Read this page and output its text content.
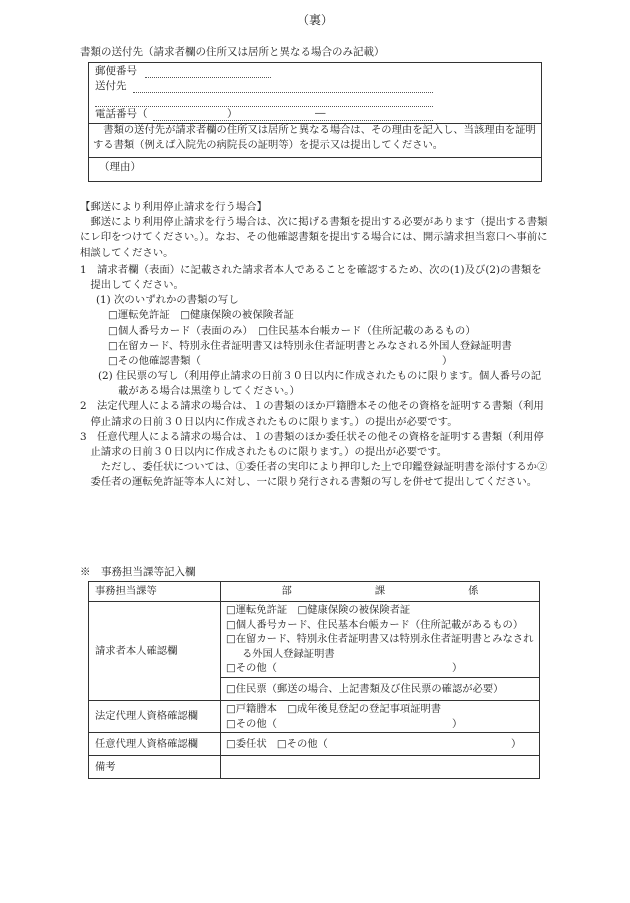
（裏）
書類の送付先（請求者欄の住所又は居所と異なる場合のみ記載）
郵便番号
送付先
電話番号（	）	―
書類の送付先が請求者欄の住所又は居所と異なる場合は、その理由を記入し、当該理由を証明する書類（例えば入院先の病院長の証明等）を提示又は提出してください。
（理由）

【郵送により利用停止請求を行う場合】

郵送により利用停止請求を行う場合は、次に掲げる書類を提出する必要があります（提出する書類にレ印をつけてください。）。なお、その他確認書類を提出する場合には、開示請求担当窓口へ事前に相談してください。

1　請求者欄（表面）に記載された請求者本人であることを確認するため、次の(1)及び(2)の書類を提出してください。

(1) 次のいずれかの書類の写し

□運転免許証　□健康保険の被保険者証

□個人番号カード（表面のみ）　□住民基本台帳カード（住所記載のあるもの）

□在留カード、特別永住者証明書又は特別永住者証明書とみなされる外国人登録証明書

□その他確認書類（	）

(2) 住民票の写し（利用停止請求の日前３０日以内に作成されたものに限ります。個人番号の記載がある場合は黒塗りしてください。）

2　法定代理人による請求の場合は、１の書類のほか戸籍謄本その他その資格を証明する書類（利用停止請求の日前３０日以内に作成されたものに限ります。）の提出が必要です。

3　任意代理人による請求の場合は、１の書類のほか委任状その他その資格を証明する書類（利用停止請求の日前３０日以内に作成されたものに限ります。）の提出が必要です。

ただし、委任状については、①委任者の実印により押印した上で印鑑登録証明書を添付するか②委任者の運転免許証等本人に対し、一に限り発行される書類の写しを併せて提出してください。

※　事務担当課等記入欄
事務担当課等	部 課 係

請求者本人確認欄	□運転免許証　□健康保険の被保険者証
□個人番号カード、住民基本台帳カード（住所記載があるもの）
□在留カード、特別永住者証明書又は特別永住者証明書とみなされる外国人登録証明書
□その他（ ）

	□住民票（郵送の場合、上記書類及び住民票の確認が必要）
法定代理人資格確認欄	□戸籍謄本　□成年後見登記の登記事項証明書
□その他（ ）

任意代理人資格確認欄	□委任状　□その他（ ）

備考	
